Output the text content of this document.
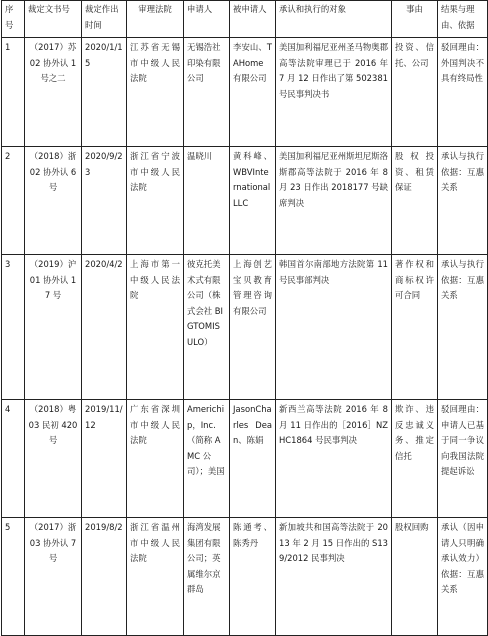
序号	裁定文书号	裁定作出时间	审理法院	申请人	被申请人	承认和执行的对象	事由	结果与理由、依据
1	（2017）苏 02 协外认 1 号之二	2020/1/15	江苏省无锡市中级人民法院	无锡浩社印染有限公司	李安山、TAHome 有限公司	美国加利福尼亚州圣马物奥郡高等法院审理已于 2016 年 7 月 12 日作出了第 502381 号民事判决书	投资、信托、公司	驳回理由：外国判决不具有终局性
2	（2018）浙 02 协外认 6 号	2020/9/23	浙江省宁波市中级人民法院	温晓川	黄科峰、WBVInternationalLLC	美国加利福尼亚州斯坦尼斯洛斯郡高等法院于 2016 年 8 月 23 日作出 2018177 号缺席判决	股权投资、租赁保证	承认与执行依据：互惠关系
3	（2019）沪 01 协外认 17 号	2020/4/2	上海市第一中级人民法院	彼克托美术式有限公司（株式会社 BIGTOMISULO）	上海创艺宝贝教育管理咨询有限公司	韩国首尔南部地方法院第 11 号民事部判决	著作权和商标权许可合同	承认与执行依据：互惠关系
4	（2018）粤 03 民初 420 号	2019/11/12	广东省深圳市中级人民法院	Americhip，Inc.（简称 AMC 公司）；美国	JasonCharles Dean、陈娟	新西兰高等法院 2016 年 8 月 11 日作出的［2016］NZHC1864 号民事判决	欺诈、违反忠诚义务、推定信托	驳回理由：申请人已基于同一争议向我国法院提起诉讼
5	（2017）浙 03 协外认 7 号	2019/8/2	浙江省温州市中级人民法院	海湾发展集团有限公司；英属维尔京群岛	陈通考、陈秀丹	新加坡共和国高等法院于 2013 年 2 月 15 日作出的 S139/2012 民事判决	股权回购	承认（因申请人只明确承认效力）依据：互惠关系
